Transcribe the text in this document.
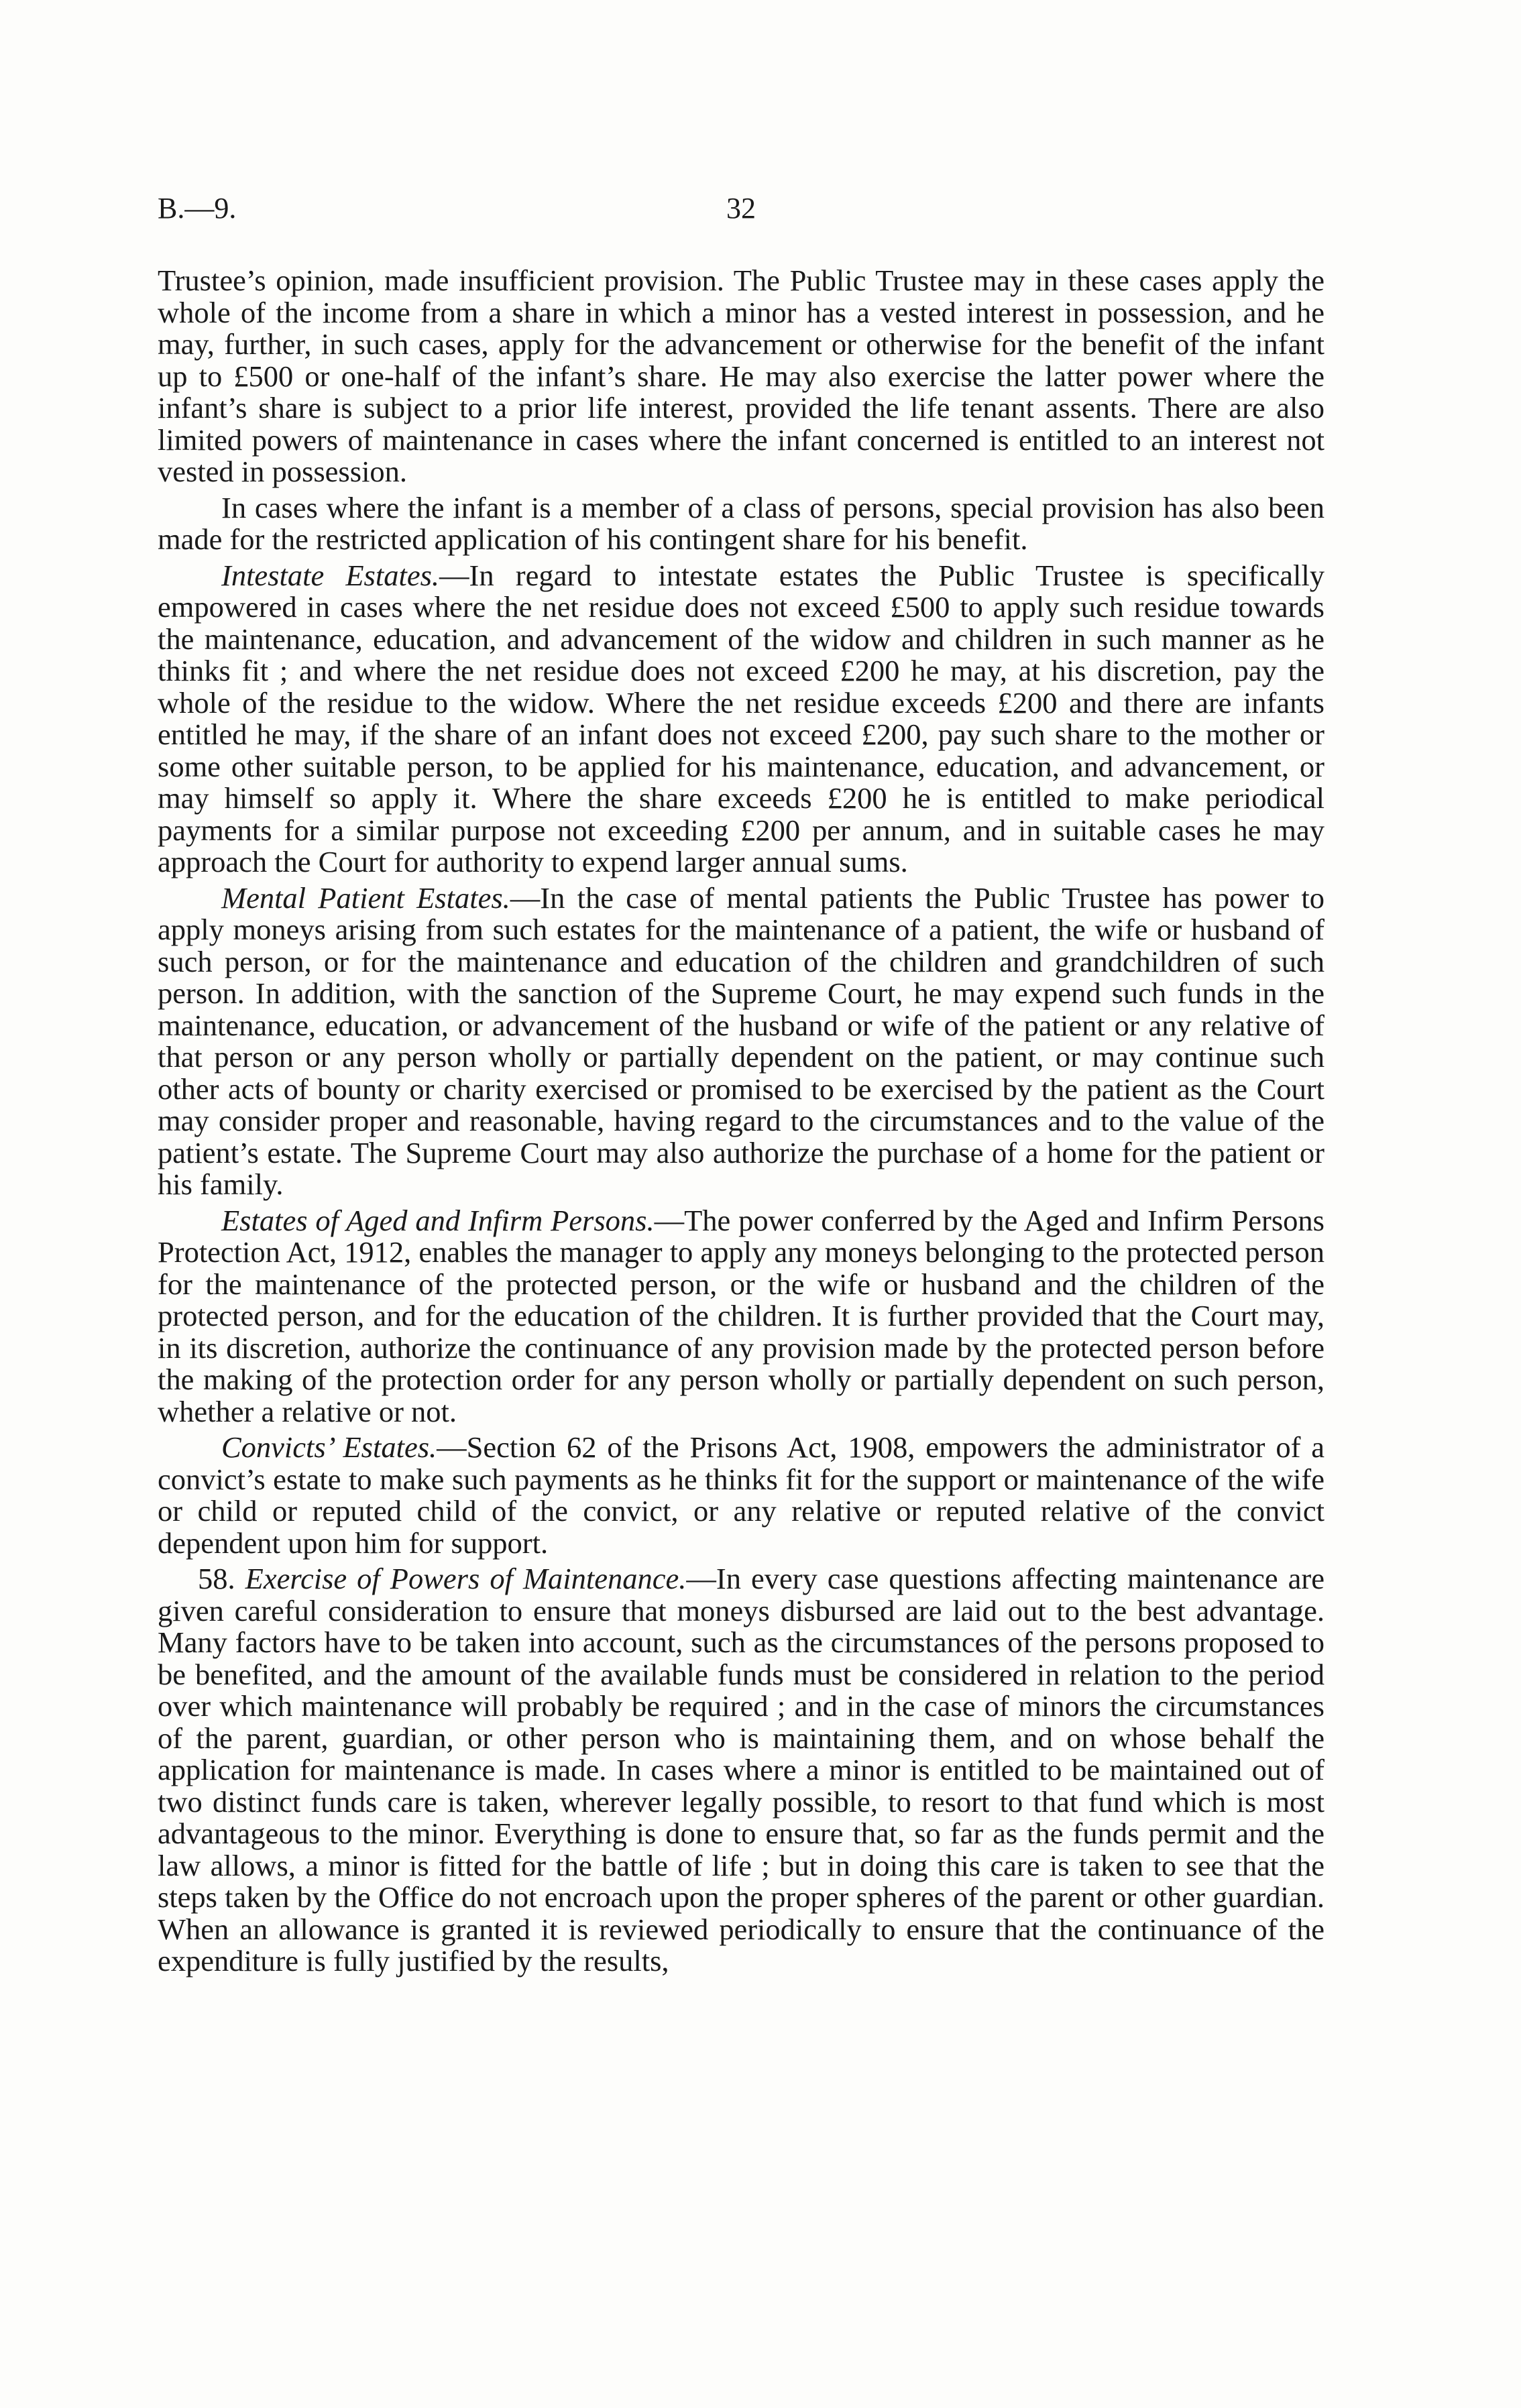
B.—9.	32

Trustee’s opinion, made insufficient provision. The Public Trustee may in these cases apply the whole of the income from a share in which a minor has a vested interest in possession, and he may, further, in such cases, apply for the advancement or otherwise for the benefit of the infant up to £500 or one-half of the infant’s share. He may also exercise the latter power where the infant’s share is subject to a prior life interest, provided the life tenant assents. There are also limited powers of maintenance in cases where the infant concerned is entitled to an interest not vested in possession.

In cases where the infant is a member of a class of persons, special provision has also been made for the restricted application of his contingent share for his benefit.

Intestate Estates.—In regard to intestate estates the Public Trustee is specifically empowered in cases where the net residue does not exceed £500 to apply such residue towards the maintenance, education, and advancement of the widow and children in such manner as he thinks fit ; and where the net residue does not exceed £200 he may, at his discretion, pay the whole of the residue to the widow. Where the net residue exceeds £200 and there are infants entitled he may, if the share of an infant does not exceed £200, pay such share to the mother or some other suitable person, to be applied for his maintenance, education, and advancement, or may himself so apply it. Where the share exceeds £200 he is entitled to make periodical payments for a similar purpose not exceeding £200 per annum, and in suitable cases he may approach the Court for authority to expend larger annual sums.

Mental Patient Estates.—In the case of mental patients the Public Trustee has power to apply moneys arising from such estates for the maintenance of a patient, the wife or husband of such person, or for the maintenance and education of the children and grandchildren of such person. In addition, with the sanction of the Supreme Court, he may expend such funds in the maintenance, education, or advancement of the husband or wife of the patient or any relative of that person or any person wholly or partially dependent on the patient, or may continue such other acts of bounty or charity exercised or promised to be exercised by the patient as the Court may consider proper and reasonable, having regard to the circumstances and to the value of the patient’s estate. The Supreme Court may also authorize the purchase of a home for the patient or his family.

Estates of Aged and Infirm Persons.—The power conferred by the Aged and Infirm Persons Protection Act, 1912, enables the manager to apply any moneys belonging to the protected person for the maintenance of the protected person, or the wife or husband and the children of the protected person, and for the education of the children. It is further provided that the Court may, in its discretion, authorize the continuance of any provision made by the protected person before the making of the protection order for any person wholly or partially dependent on such person, whether a relative or not.

Convicts’ Estates.—Section 62 of the Prisons Act, 1908, empowers the administrator of a convict’s estate to make such payments as he thinks fit for the support or maintenance of the wife or child or reputed child of the convict, or any relative or reputed relative of the convict dependent upon him for support.

58. Exercise of Powers of Maintenance.—In every case questions affecting maintenance are given careful consideration to ensure that moneys disbursed are laid out to the best advantage. Many factors have to be taken into account, such as the circumstances of the persons proposed to be benefited, and the amount of the available funds must be considered in relation to the period over which maintenance will probably be required ; and in the case of minors the circumstances of the parent, guardian, or other person who is maintaining them, and on whose behalf the application for maintenance is made. In cases where a minor is entitled to be maintained out of two distinct funds care is taken, wherever legally possible, to resort to that fund which is most advantageous to the minor. Everything is done to ensure that, so far as the funds permit and the law allows, a minor is fitted for the battle of life ; but in doing this care is taken to see that the steps taken by the Office do not encroach upon the proper spheres of the parent or other guardian. When an allowance is granted it is reviewed periodically to ensure that the continuance of the expenditure is fully justified by the results,
